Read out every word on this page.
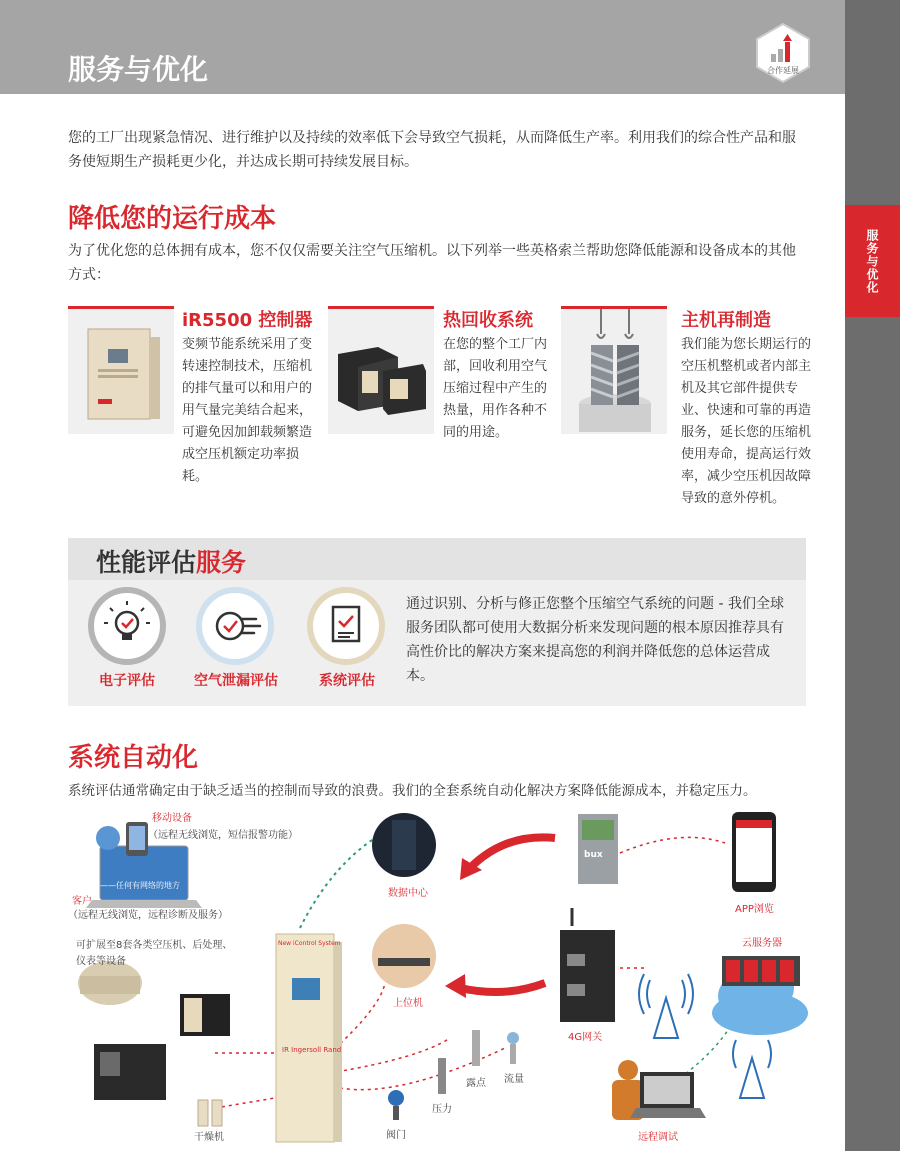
服务与优化	合作延展
服务与优化
您的工厂出现紧急情况、进行维护以及持续的效率低下会导致空气损耗，从而降低生产率。利用我们的综合性产品和服务使短期生产损耗更少化，并达成长期可持续发展目标。
降低您的运行成本
为了优化您的总体拥有成本，您不仅仅需要关注空气压缩机。以下列举一些英格索兰帮助您降低能源和设备成本的其他方式：
iR5500 控制器
变频节能系统采用了变转速控制技术，压缩机的排气量可以和用户的用气量完美结合起来，可避免因加卸载频繁造成空压机额定功率损耗。
热回收系统
在您的整个工厂内部，回收利用空气压缩过程中产生的热量，用作各种不同的用途。
主机再制造
我们能为您长期运行的空压机整机或者内部主机及其它部件提供专业、快速和可靠的再造服务，延长您的压缩机使用寿命，提高运行效率，减少空压机因故障导致的意外停机。
性能评估服务
电子评估	空气泄漏评估	系统评估
通过识别、分析与修正您整个压缩空气系统的问题 - 我们全球服务团队都可使用大数据分析来发现问题的根本原因推荐具有高性价比的解决方案来提高您的利润并降低您的总体运营成本。
系统自动化
系统评估通常确定由于缺乏适当的控制而导致的浪费。我们的全套系统自动化解决方案降低能源成本，并稳定压力。
移动设备
（远程无线浏览，短信报警功能）
——任何有网络的地方
客户
（远程无线浏览，远程诊断及服务）
可扩展至8套各类空压机、后处理、
仪表等设备
数据中心
上位机
APP浏览
云服务器
4G网关
远程调试
干燥机	阀门
压力
露点 流量
New iControl System
IR Ingersoll Rand
bux
